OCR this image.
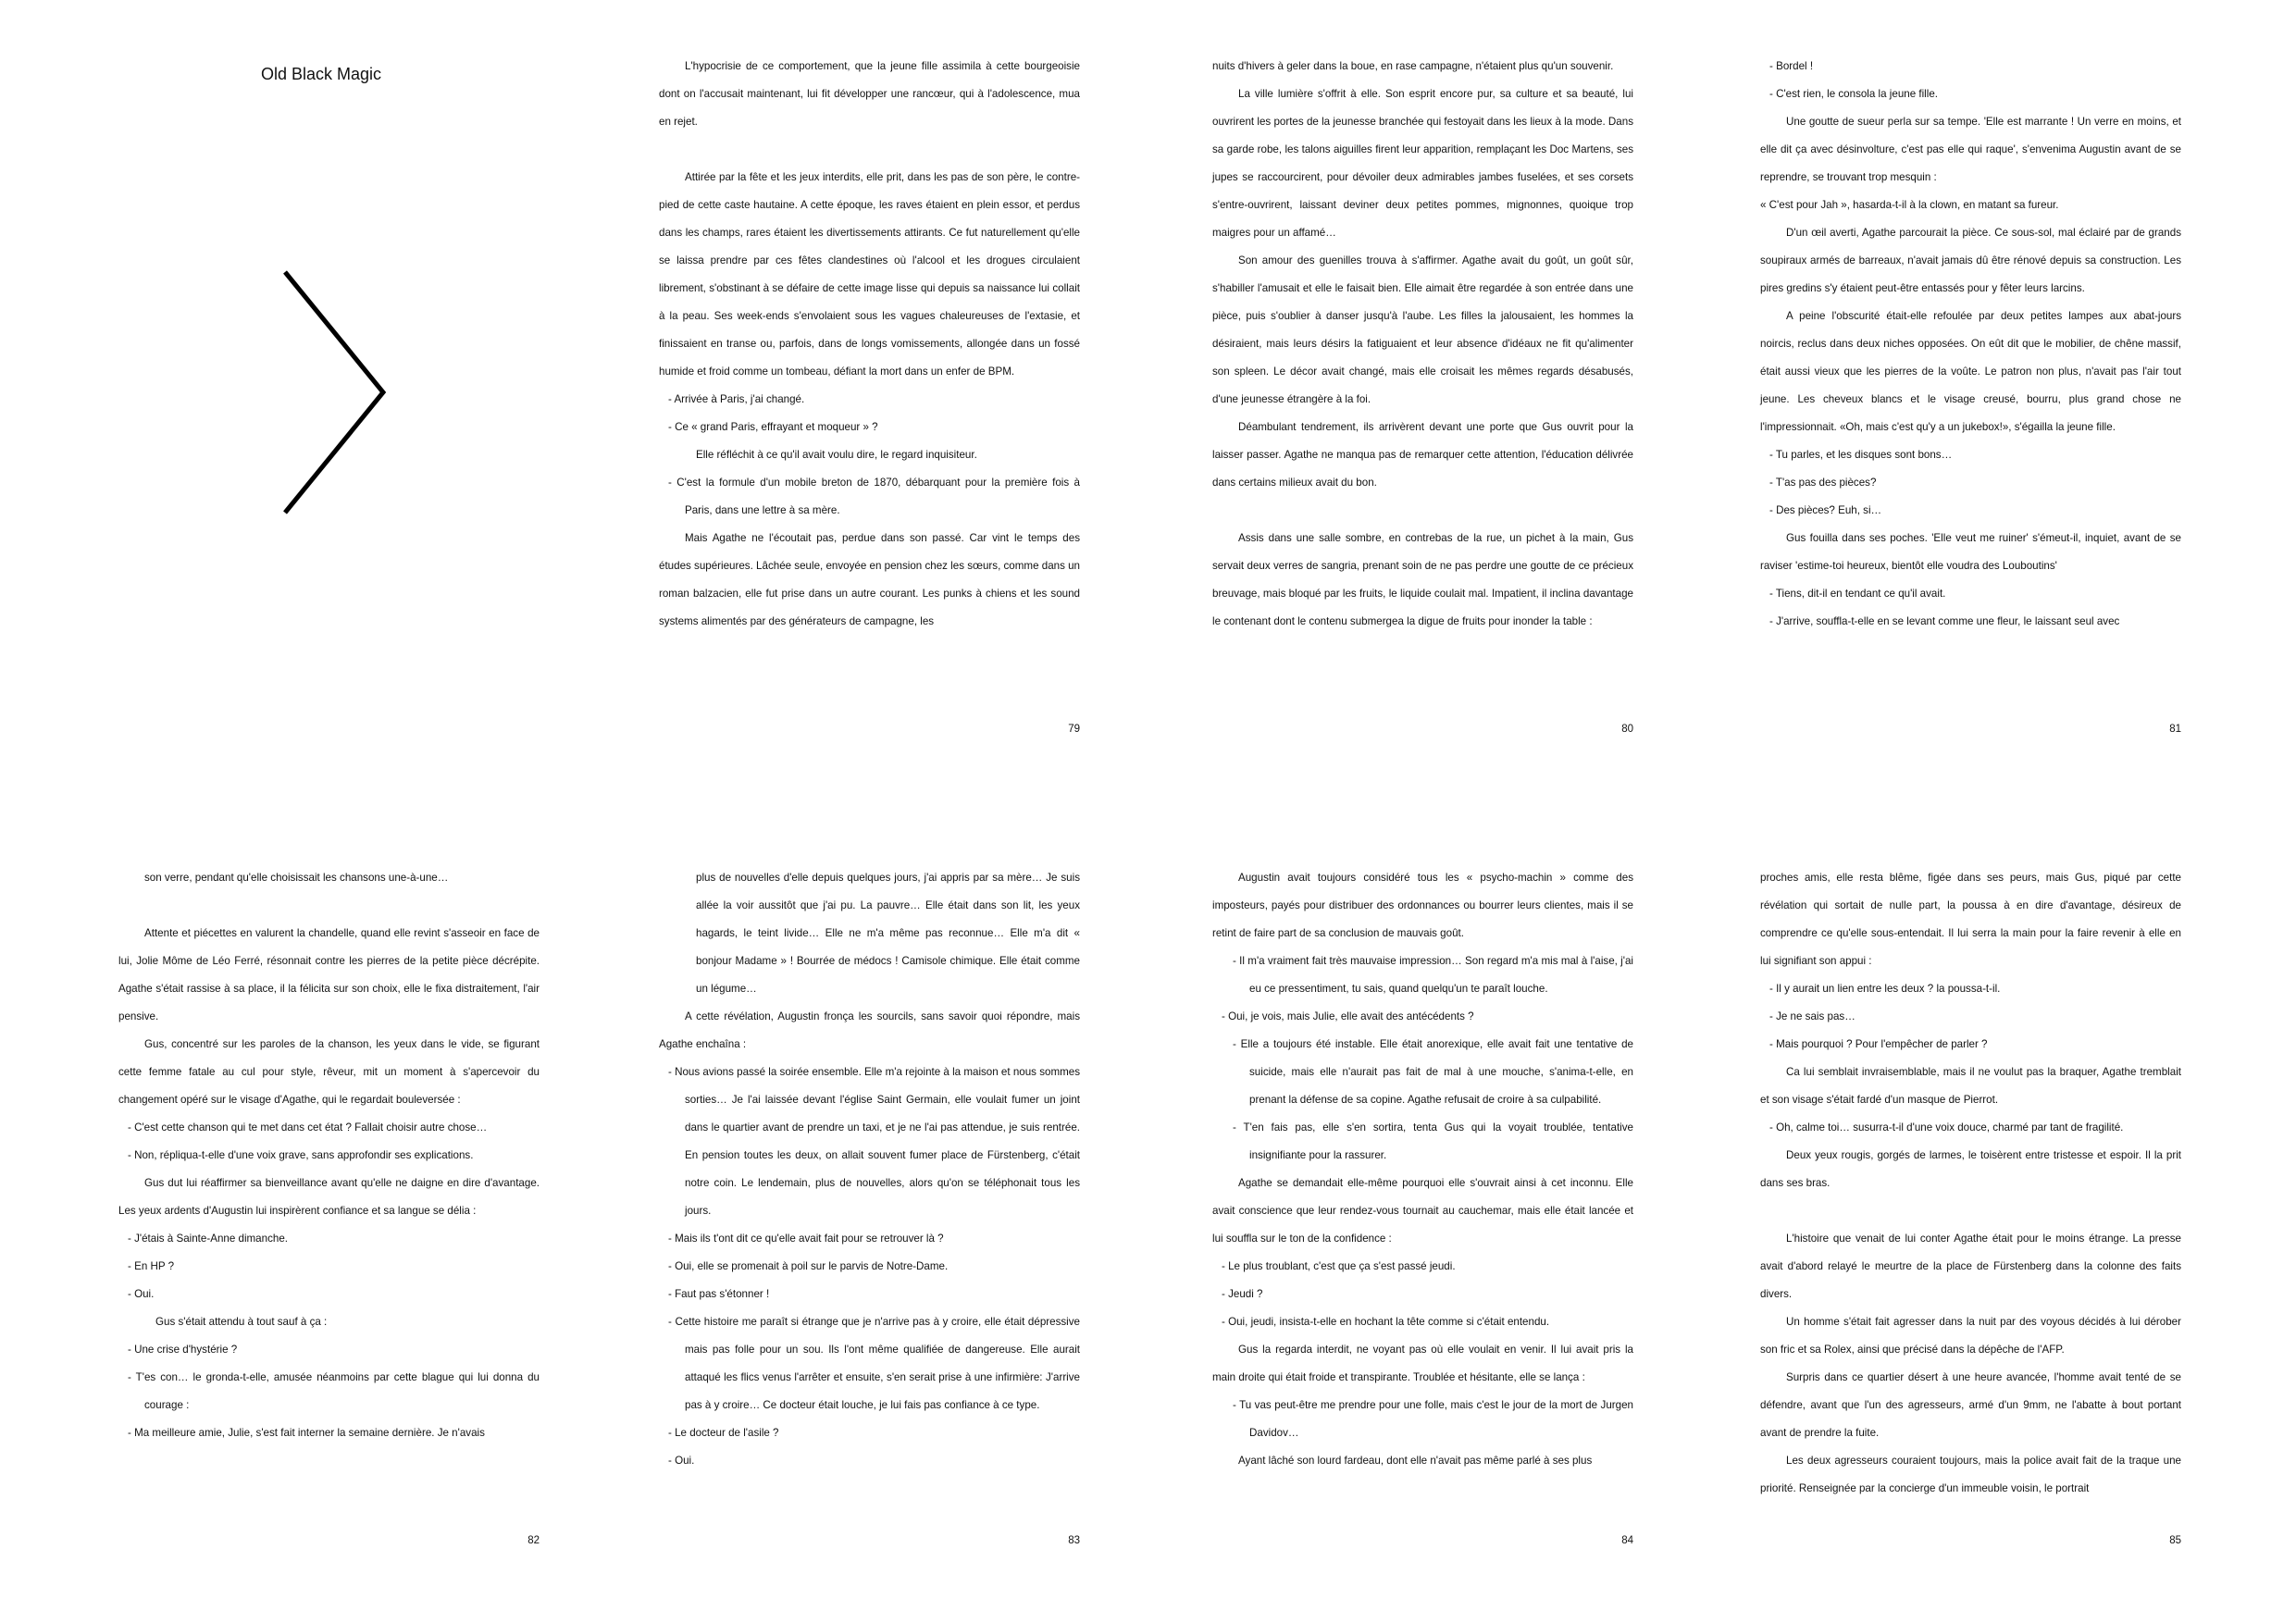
Old Black Magic	L'hypocrisie de ce comportement, que la jeune fille assimila à cette bourgeoisie dont on l'accusait maintenant, lui fit développer une rancœur, qui à l'adolescence, mua en rejet.

Attirée par la fête et les jeux interdits, elle prit, dans les pas de son père, le contre-pied de cette caste hautaine. A cette époque, les raves étaient en plein essor, et perdus dans les champs, rares étaient les divertissements attirants. Ce fut naturellement qu'elle se laissa prendre par ces fêtes clandestines où l'alcool et les drogues circulaient librement, s'obstinant à se défaire de cette image lisse qui depuis sa naissance lui collait à la peau. Ses week-ends s'envolaient sous les vagues chaleureuses de l'extasie, et finissaient en transe ou, parfois, dans de longs vomissements, allongée dans un fossé humide et froid comme un tombeau, défiant la mort dans un enfer de BPM.

- Arrivée à Paris, j'ai changé.

- Ce « grand Paris, effrayant et moqueur » ?

Elle réfléchit à ce qu'il avait voulu dire, le regard inquisiteur.

- C'est la formule d'un mobile breton de 1870, débarquant pour la première fois à Paris, dans une lettre à sa mère.

Mais Agathe ne l'écoutait pas, perdue dans son passé. Car vint le temps des études supérieures. Lâchée seule, envoyée en pension chez les sœurs, comme dans un roman balzacien, elle fut prise dans un autre courant. Les punks à chiens et les sound systems alimentés par des générateurs de campagne, les

79

nuits d'hivers à geler dans la boue, en rase campagne, n'étaient plus qu'un souvenir.

La ville lumière s'offrit à elle. Son esprit encore pur, sa culture et sa beauté, lui ouvrirent les portes de la jeunesse branchée qui festoyait dans les lieux à la mode. Dans sa garde robe, les talons aiguilles firent leur apparition, remplaçant les Doc Martens, ses jupes se raccourcirent, pour dévoiler deux admirables jambes fuselées, et ses corsets s'entre-ouvrirent, laissant deviner deux petites pommes, mignonnes, quoique trop maigres pour un affamé…

Son amour des guenilles trouva à s'affirmer. Agathe avait du goût, un goût sûr, s'habiller l'amusait et elle le faisait bien. Elle aimait être regardée à son entrée dans une pièce, puis s'oublier à danser jusqu'à l'aube. Les filles la jalousaient, les hommes la désiraient, mais leurs désirs la fatiguaient et leur absence d'idéaux ne fit qu'alimenter son spleen. Le décor avait changé, mais elle croisait les mêmes regards désabusés, d'une jeunesse étrangère à la foi.

Déambulant tendrement, ils arrivèrent devant une porte que Gus ouvrit pour la laisser passer. Agathe ne manqua pas de remarquer cette attention, l'éducation délivrée dans certains milieux avait du bon.

Assis dans une salle sombre, en contrebas de la rue, un pichet à la main, Gus servait deux verres de sangria, prenant soin de ne pas perdre une goutte de ce précieux breuvage, mais bloqué par les fruits, le liquide coulait mal. Impatient, il inclina davantage le contenant dont le contenu submergea la digue de fruits pour inonder la table :

80

- Bordel !

- C'est rien, le consola la jeune fille.

Une goutte de sueur perla sur sa tempe. 'Elle est marrante ! Un verre en moins, et elle dit ça avec désinvolture, c'est pas elle qui raque', s'envenima Augustin avant de se reprendre, se trouvant trop mesquin :

« C'est pour Jah », hasarda-t-il à la clown, en matant sa fureur.

D'un œil averti, Agathe parcourait la pièce. Ce sous-sol, mal éclairé par de grands soupiraux armés de barreaux, n'avait jamais dû être rénové depuis sa construction. Les pires gredins s'y étaient peut-être entassés pour y fêter leurs larcins.

A peine l'obscurité était-elle refoulée par deux petites lampes aux abat-jours noircis, reclus dans deux niches opposées. On eût dit que le mobilier, de chêne massif, était aussi vieux que les pierres de la voûte. Le patron non plus, n'avait pas l'air tout jeune. Les cheveux blancs et le visage creusé, bourru, plus grand chose ne l'impressionnait. «Oh, mais c'est qu'y a un jukebox!», s'égailla la jeune fille.

- Tu parles, et les disques sont bons…

- T'as pas des pièces?

- Des pièces? Euh, si…

Gus fouilla dans ses poches. 'Elle veut me ruiner' s'émeut-il, inquiet, avant de se raviser 'estime-toi heureux, bientôt elle voudra des Louboutins'

- Tiens, dit-il en tendant ce qu'il avait.

- J'arrive, souffla-t-elle en se levant comme une fleur, le laissant seul avec

81

son verre, pendant qu'elle choisissait les chansons une-à-une…

Attente et piécettes en valurent la chandelle, quand elle revint s'asseoir en face de lui, Jolie Môme de Léo Ferré, résonnait contre les pierres de la petite pièce décrépite. Agathe s'était rassise à sa place, il la félicita sur son choix, elle le fixa distraitement, l'air pensive.

Gus, concentré sur les paroles de la chanson, les yeux dans le vide, se figurant cette femme fatale au cul pour style, rêveur, mit un moment à s'apercevoir du changement opéré sur le visage d'Agathe, qui le regardait bouleversée :

- C'est cette chanson qui te met dans cet état ? Fallait choisir autre chose…

- Non, répliqua-t-elle d'une voix grave, sans approfondir ses explications.

Gus dut lui réaffirmer sa bienveillance avant qu'elle ne daigne en dire d'avantage. Les yeux ardents d'Augustin lui inspirèrent confiance et sa langue se délia :

- J'étais à Sainte-Anne dimanche.

- En HP ?

- Oui.

Gus s'était attendu à tout sauf à ça :

- Une crise d'hystérie ?

- T'es con… le gronda-t-elle, amusée néanmoins par cette blague qui lui donna du courage :

- Ma meilleure amie, Julie, s'est fait interner la semaine dernière. Je n'avais

82

plus de nouvelles d'elle depuis quelques jours, j'ai appris par sa mère… Je suis allée la voir aussitôt que j'ai pu. La pauvre… Elle était dans son lit, les yeux hagards, le teint livide… Elle ne m'a même pas reconnue… Elle m'a dit « bonjour Madame » ! Bourrée de médocs ! Camisole chimique. Elle était comme un légume…

A cette révélation, Augustin fronça les sourcils, sans savoir quoi répondre, mais Agathe enchaîna :

- Nous avions passé la soirée ensemble. Elle m'a rejointe à la maison et nous sommes sorties… Je l'ai laissée devant l'église Saint Germain, elle voulait fumer un joint dans le quartier avant de prendre un taxi, et je ne l'ai pas attendue, je suis rentrée. En pension toutes les deux, on allait souvent fumer place de Fürstenberg, c'était notre coin. Le lendemain, plus de nouvelles, alors qu'on se téléphonait tous les jours.

- Mais ils t'ont dit ce qu'elle avait fait pour se retrouver là ?

- Oui, elle se promenait à poil sur le parvis de Notre-Dame.

- Faut pas s'étonner !

- Cette histoire me paraît si étrange que je n'arrive pas à y croire, elle était dépressive mais pas folle pour un sou. Ils l'ont même qualifiée de dangereuse. Elle aurait attaqué les flics venus l'arrêter et ensuite, s'en serait prise à une infirmière: J'arrive pas à y croire… Ce docteur était louche, je lui fais pas confiance à ce type.

- Le docteur de l'asile ?

- Oui.

83

Augustin avait toujours considéré tous les « psycho-machin » comme des imposteurs, payés pour distribuer des ordonnances ou bourrer leurs clientes, mais il se retint de faire part de sa conclusion de mauvais goût.

- Il m'a vraiment fait très mauvaise impression… Son regard m'a mis mal à l'aise, j'ai eu ce pressentiment, tu sais, quand quelqu'un te paraît louche.

- Oui, je vois, mais Julie, elle avait des antécédents ?

- Elle a toujours été instable. Elle était anorexique, elle avait fait une tentative de suicide, mais elle n'aurait pas fait de mal à une mouche, s'anima-t-elle, en prenant la défense de sa copine. Agathe refusait de croire à sa culpabilité.

- T'en fais pas, elle s'en sortira, tenta Gus qui la voyait troublée, tentative insignifiante pour la rassurer.

Agathe se demandait elle-même pourquoi elle s'ouvrait ainsi à cet inconnu. Elle avait conscience que leur rendez-vous tournait au cauchemar, mais elle était lancée et lui souffla sur le ton de la confidence :

- Le plus troublant, c'est que ça s'est passé jeudi.

- Jeudi ?

- Oui, jeudi, insista-t-elle en hochant la tête comme si c'était entendu.

Gus la regarda interdit, ne voyant pas où elle voulait en venir. Il lui avait pris la main droite qui était froide et transpirante. Troublée et hésitante, elle se lança :

- Tu vas peut-être me prendre pour une folle, mais c'est le jour de la mort de Jurgen Davidov…

Ayant lâché son lourd fardeau, dont elle n'avait pas même parlé à ses plus

84

proches amis, elle resta blême, figée dans ses peurs, mais Gus, piqué par cette révélation qui sortait de nulle part, la poussa à en dire d'avantage, désireux de comprendre ce qu'elle sous-entendait. Il lui serra la main pour la faire revenir à elle en lui signifiant son appui :

- Il y aurait un lien entre les deux ? la poussa-t-il.

- Je ne sais pas…

- Mais pourquoi ? Pour l'empêcher de parler ?

Ca lui semblait invraisemblable, mais il ne voulut pas la braquer, Agathe tremblait et son visage s'était fardé d'un masque de Pierrot.

- Oh, calme toi… susurra-t-il d'une voix douce, charmé par tant de fragilité.

Deux yeux rougis, gorgés de larmes, le toisèrent entre tristesse et espoir. Il la prit dans ses bras.

L'histoire que venait de lui conter Agathe était pour le moins étrange. La presse avait d'abord relayé le meurtre de la place de Fürstenberg dans la colonne des faits divers.

Un homme s'était fait agresser dans la nuit par des voyous décidés à lui dérober son fric et sa Rolex, ainsi que précisé dans la dépêche de l'AFP.

Surpris dans ce quartier désert à une heure avancée, l'homme avait tenté de se défendre, avant que l'un des agresseurs, armé d'un 9mm, ne l'abatte à bout portant avant de prendre la fuite.

Les deux agresseurs couraient toujours, mais la police avait fait de la traque une priorité. Renseignée par la concierge d'un immeuble voisin, le portrait

85
